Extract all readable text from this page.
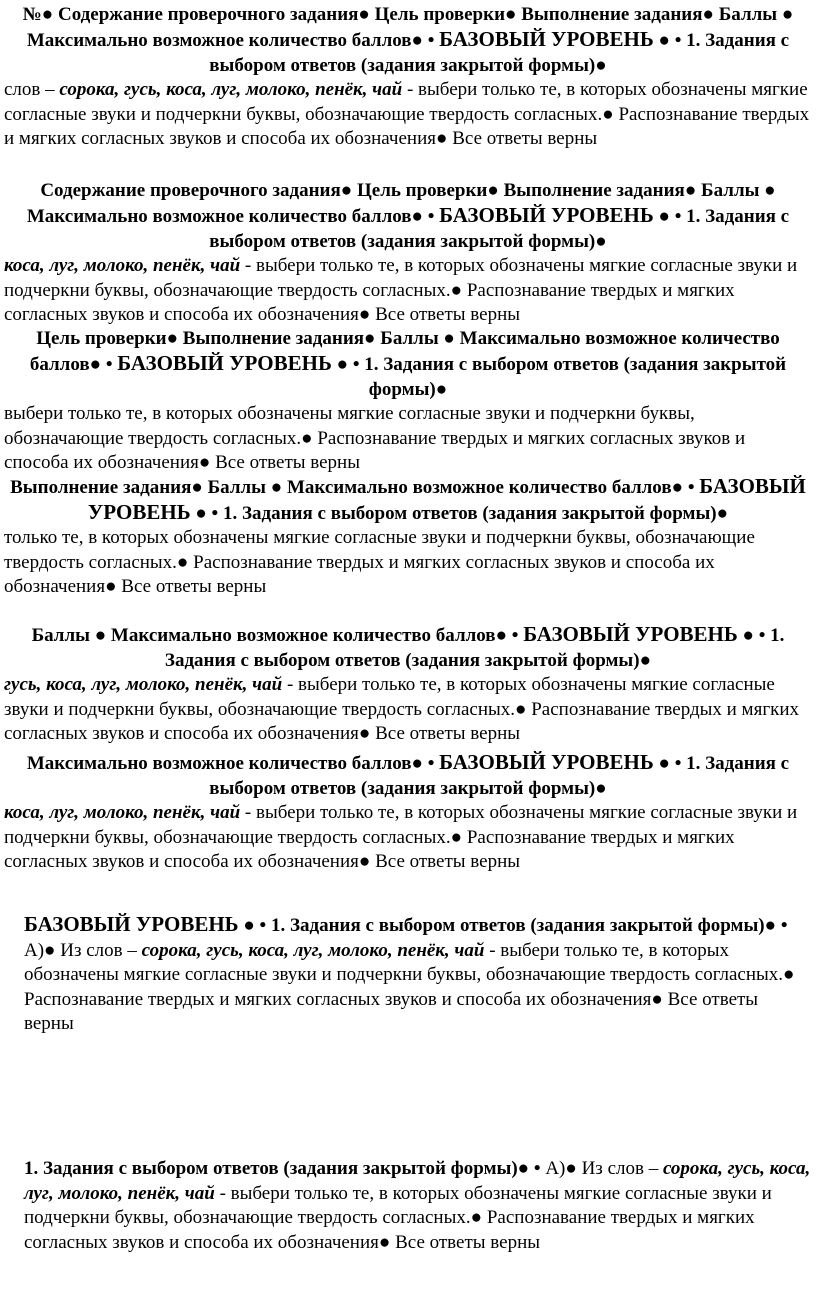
№● Содержание проверочного задания● Цель проверки● Выполнение задания● Баллы ● Максимально возможное количество баллов● • БАЗОВЫЙ УРОВЕНЬ ● • 1. Задания с выбором ответов (задания закрытой формы)●
слов – сорока, гусь, коса, луг, молоко, пенёк, чай - выбери только те, в которых обозначены мягкие согласные звуки и подчеркни буквы, обозначающие твердость согласных.● Распознавание твердых и мягких согласных звуков и способа их обозначения● Все ответы верны
Содержание проверочного задания● Цель проверки● Выполнение задания● Баллы ● Максимально возможное количество баллов● • БАЗОВЫЙ УРОВЕНЬ ● • 1. Задания с выбором ответов (задания закрытой формы)●
коса, луг, молоко, пенёк, чай - выбери только те, в которых обозначены мягкие согласные звуки и подчеркни буквы, обозначающие твердость согласных.● Распознавание твердых и мягких согласных звуков и способа их обозначения● Все ответы верны
Цель проверки● Выполнение задания● Баллы ● Максимально возможное количество баллов● • БАЗОВЫЙ УРОВЕНЬ ● • 1. Задания с выбором ответов (задания закрытой формы)●
выбери только те, в которых обозначены мягкие согласные звуки и подчеркни буквы, обозначающие твердость согласных.● Распознавание твердых и мягких согласных звуков и способа их обозначения● Все ответы верны
Выполнение задания● Баллы ● Максимально возможное количество баллов● • БАЗОВЫЙ УРОВЕНЬ ● • 1. Задания с выбором ответов (задания закрытой формы)●
только те, в которых обозначены мягкие согласные звуки и подчеркни буквы, обозначающие твердость согласных.● Распознавание твердых и мягких согласных звуков и способа их обозначения● Все ответы верны
Баллы ● Максимально возможное количество баллов● • БАЗОВЫЙ УРОВЕНЬ ● • 1. Задания с выбором ответов (задания закрытой формы)●
гусь, коса, луг, молоко, пенёк, чай - выбери только те, в которых обозначены мягкие согласные звуки и подчеркни буквы, обозначающие твердость согласных.● Распознавание твердых и мягких согласных звуков и способа их обозначения● Все ответы верны
Максимально возможное количество баллов● • БАЗОВЫЙ УРОВЕНЬ ● • 1. Задания с выбором ответов (задания закрытой формы)●
коса, луг, молоко, пенёк, чай - выбери только те, в которых обозначены мягкие согласные звуки и подчеркни буквы, обозначающие твердость согласных.● Распознавание твердых и мягких согласных звуков и способа их обозначения● Все ответы верны
БАЗОВЫЙ УРОВЕНЬ ● • 1. Задания с выбором ответов (задания закрытой формы)● • А)● Из слов – сорока, гусь, коса, луг, молоко, пенёк, чай - выбери только те, в которых обозначены мягкие согласные звуки и подчеркни буквы, обозначающие твердость согласных.● Распознавание твердых и мягких согласных звуков и способа их обозначения● Все ответы верны
1. Задания с выбором ответов (задания закрытой формы)● • А)● Из слов – сорока, гусь, коса, луг, молоко, пенёк, чай - выбери только те, в которых обозначены мягкие согласные звуки и подчеркни буквы, обозначающие твердость согласных.● Распознавание твердых и мягких согласных звуков и способа их обозначения● Все ответы верны
